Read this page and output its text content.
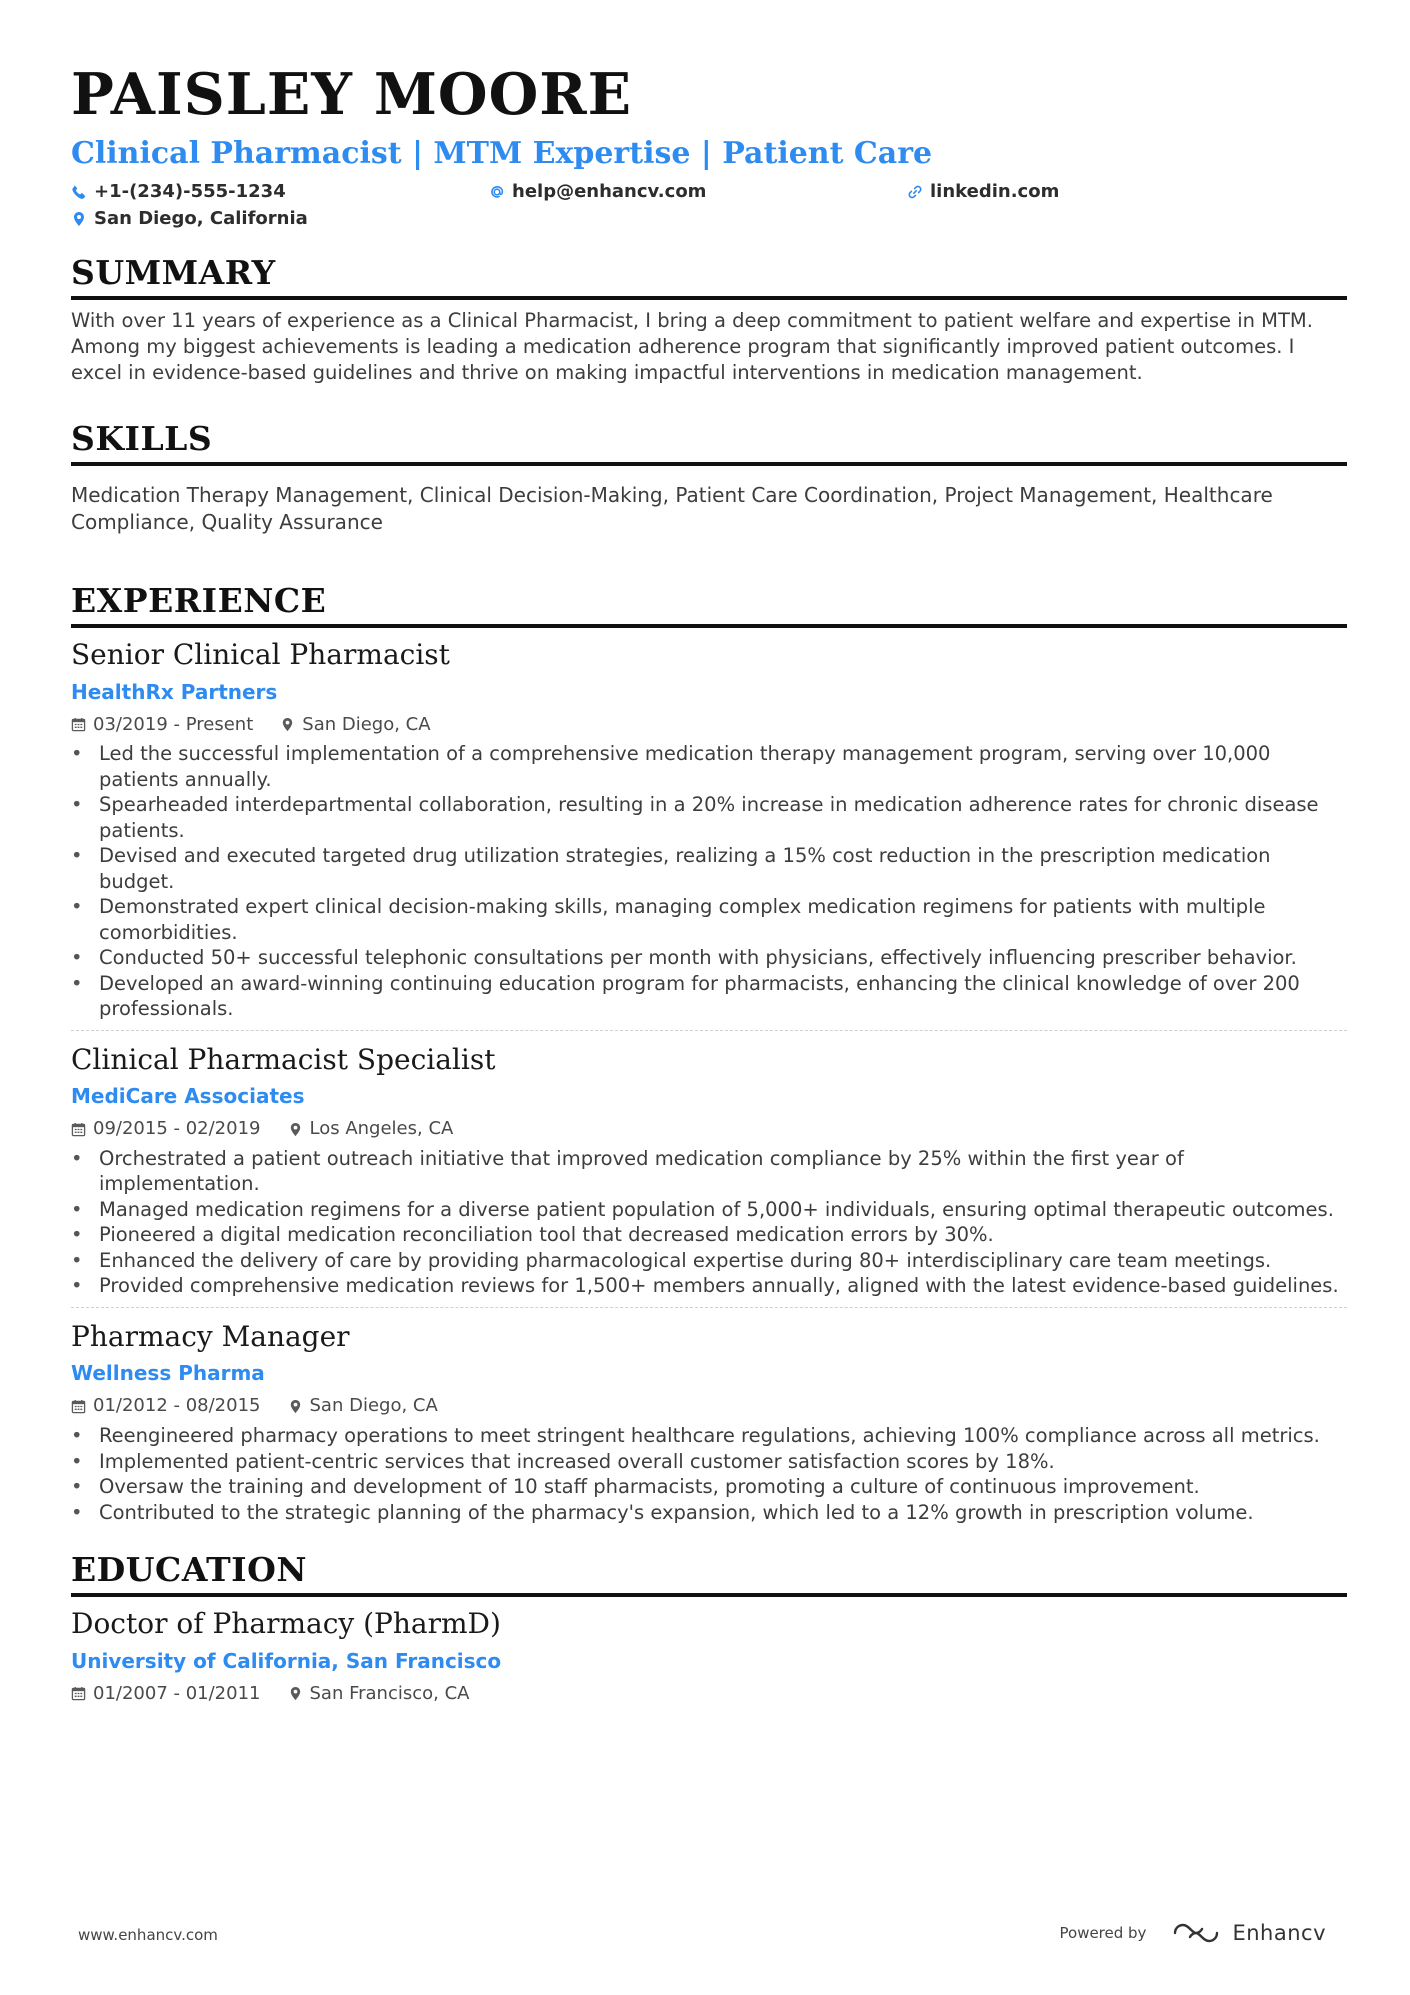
PAISLEY MOORE
Clinical Pharmacist | MTM Expertise | Patient Care
+1-(234)-555-1234	help@enhancv.com	linkedin.com
San Diego, California
SUMMARY
With over 11 years of experience as a Clinical Pharmacist, I bring a deep commitment to patient welfare and expertise in MTM. Among my biggest achievements is leading a medication adherence program that significantly improved patient outcomes. I excel in evidence-based guidelines and thrive on making impactful interventions in medication management.
SKILLS
Medication Therapy Management, Clinical Decision-Making, Patient Care Coordination, Project Management, Healthcare Compliance, Quality Assurance
EXPERIENCE
Senior Clinical Pharmacist
HealthRx Partners
03/2019 - Present	San Diego, CA
• Led the successful implementation of a comprehensive medication therapy management program, serving over 10,000 patients annually.
• Spearheaded interdepartmental collaboration, resulting in a 20% increase in medication adherence rates for chronic disease patients.
• Devised and executed targeted drug utilization strategies, realizing a 15% cost reduction in the prescription medication budget.
• Demonstrated expert clinical decision-making skills, managing complex medication regimens for patients with multiple comorbidities.
• Conducted 50+ successful telephonic consultations per month with physicians, effectively influencing prescriber behavior.
• Developed an award-winning continuing education program for pharmacists, enhancing the clinical knowledge of over 200 professionals.
Clinical Pharmacist Specialist
MediCare Associates
09/2015 - 02/2019	Los Angeles, CA
• Orchestrated a patient outreach initiative that improved medication compliance by 25% within the first year of implementation.
• Managed medication regimens for a diverse patient population of 5,000+ individuals, ensuring optimal therapeutic outcomes.
• Pioneered a digital medication reconciliation tool that decreased medication errors by 30%.
• Enhanced the delivery of care by providing pharmacological expertise during 80+ interdisciplinary care team meetings.
• Provided comprehensive medication reviews for 1,500+ members annually, aligned with the latest evidence-based guidelines.
Pharmacy Manager
Wellness Pharma
01/2012 - 08/2015	San Diego, CA
• Reengineered pharmacy operations to meet stringent healthcare regulations, achieving 100% compliance across all metrics.
• Implemented patient-centric services that increased overall customer satisfaction scores by 18%.
• Oversaw the training and development of 10 staff pharmacists, promoting a culture of continuous improvement.
• Contributed to the strategic planning of the pharmacy's expansion, which led to a 12% growth in prescription volume.
EDUCATION
Doctor of Pharmacy (PharmD)
University of California, San Francisco
01/2007 - 01/2011	San Francisco, CA
www.enhancv.com	Powered by	Enhancv
